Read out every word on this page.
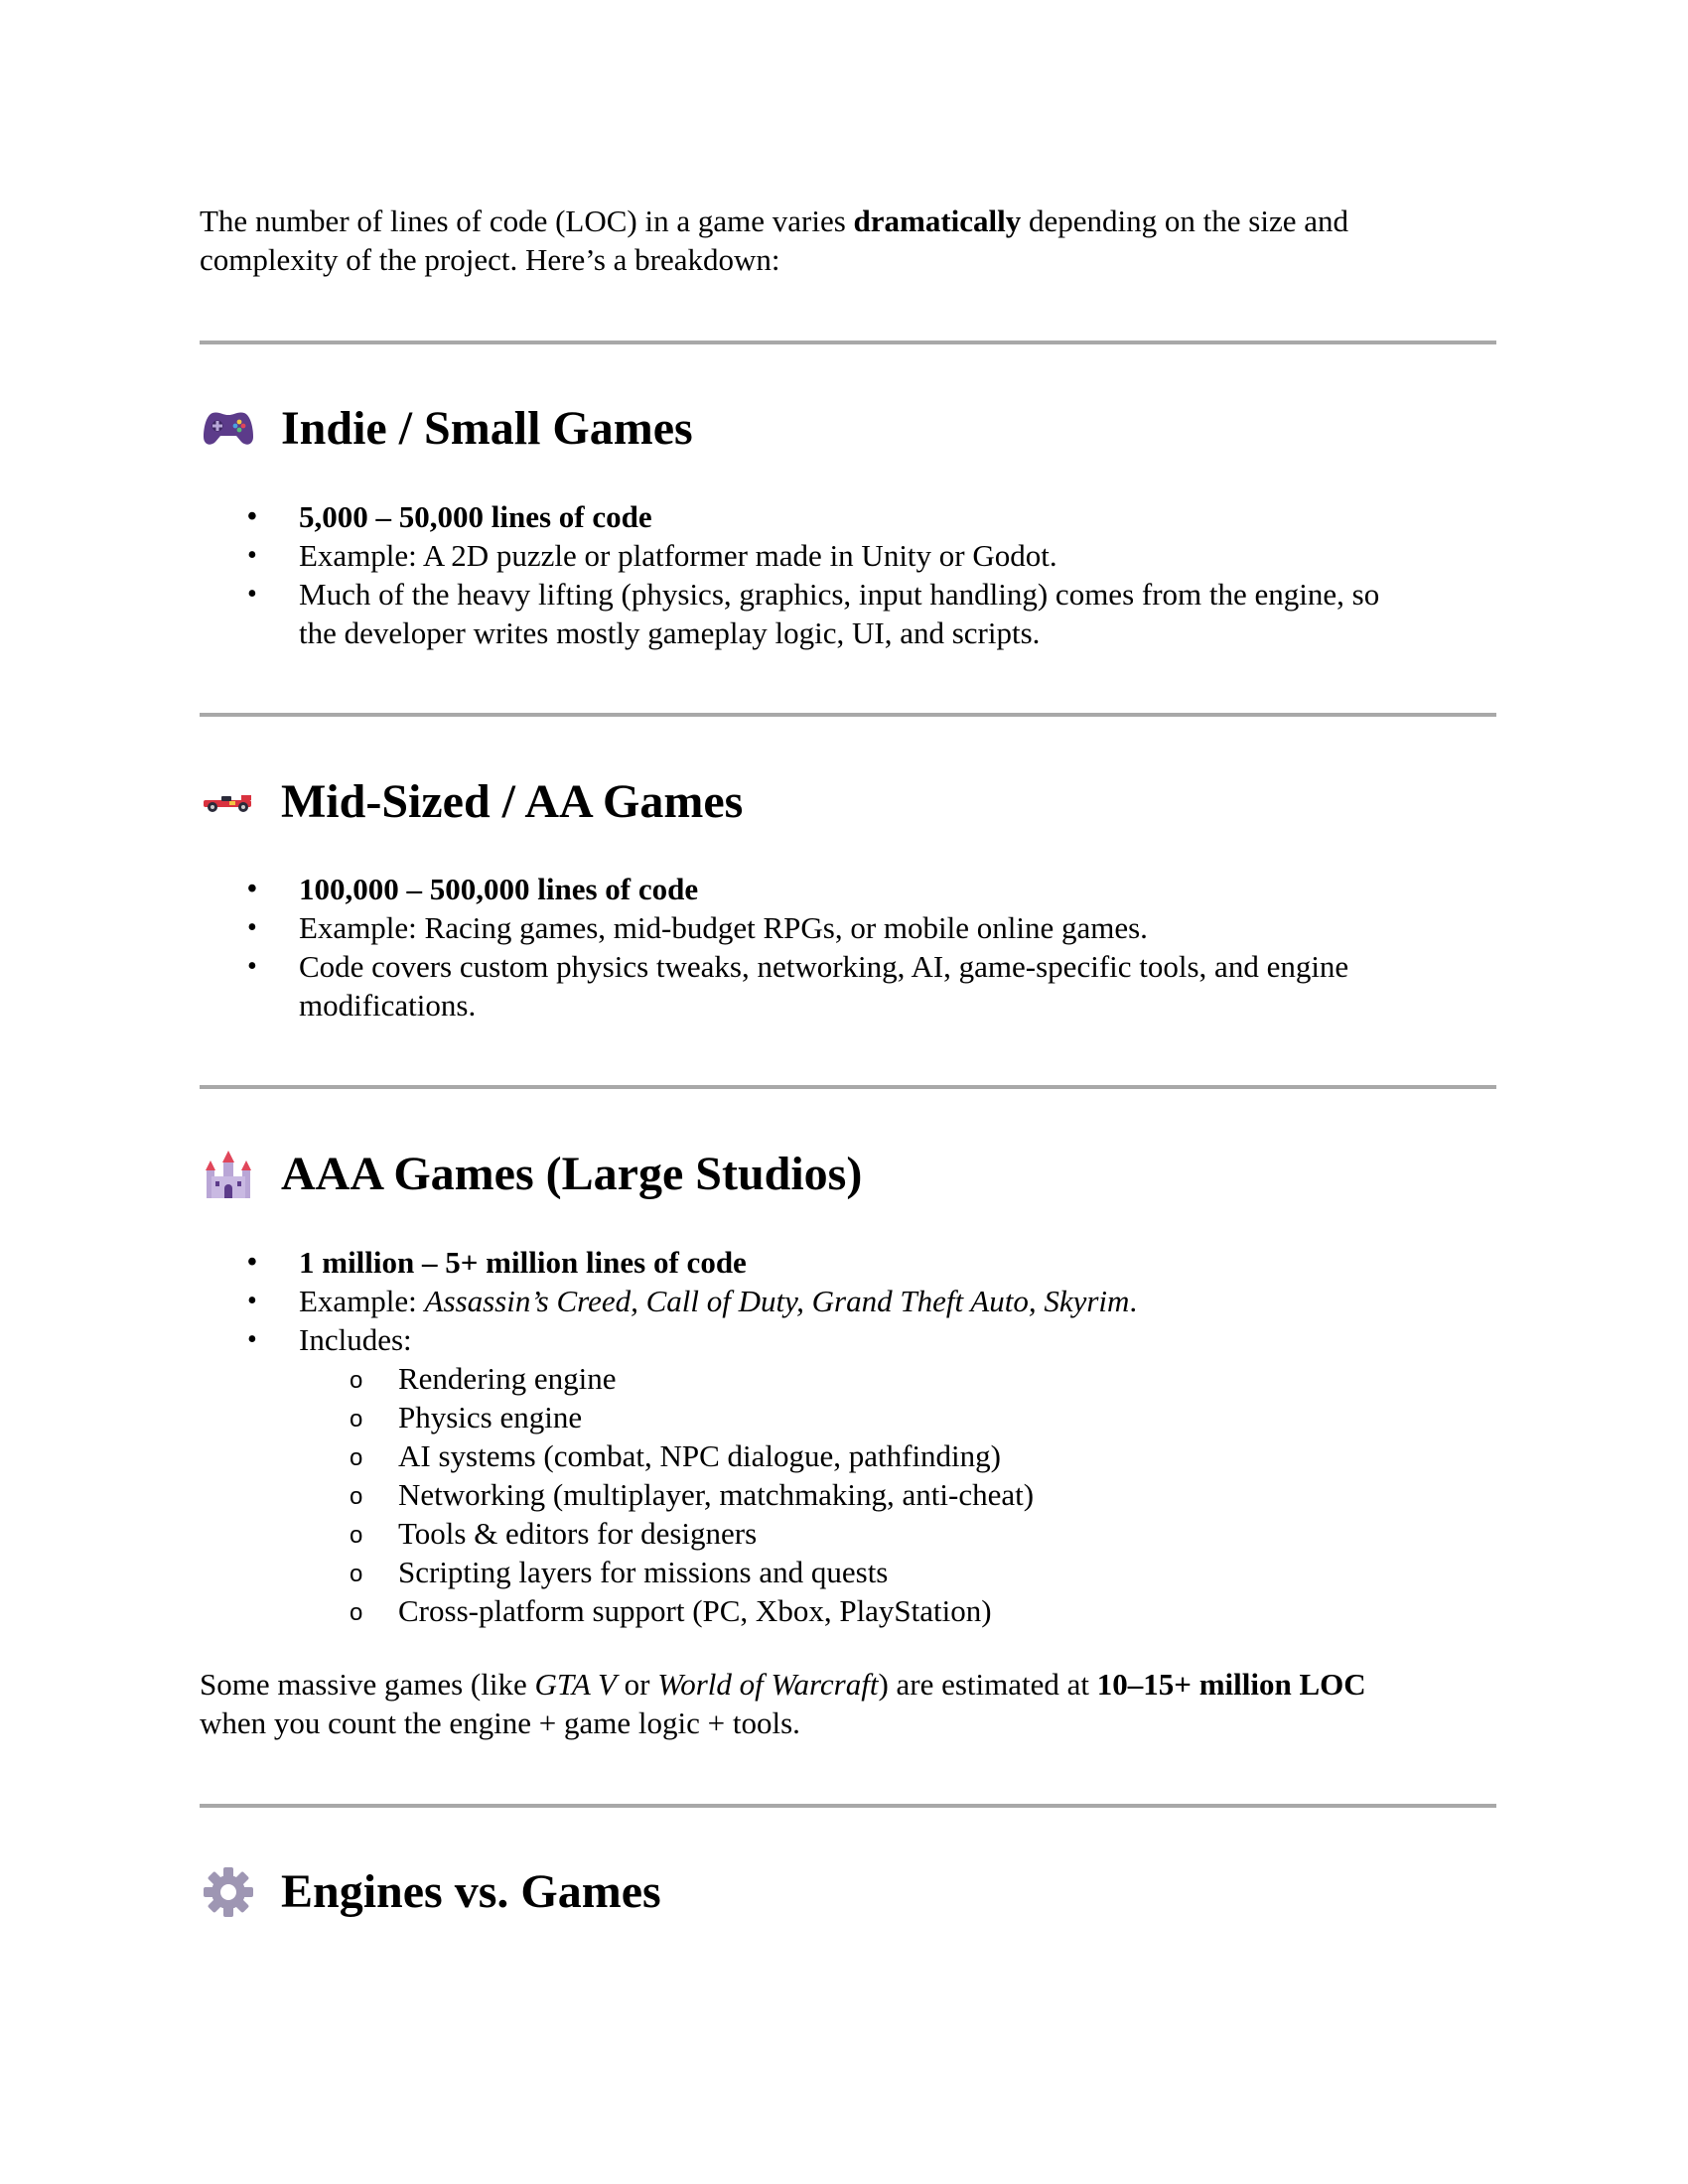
The number of lines of code (LOC) in a game varies dramatically depending on the size and
complexity of the project. Here’s a breakdown:

Indie / Small Games
• 5,000 – 50,000 lines of code
• Example: A 2D puzzle or platformer made in Unity or Godot.
• Much of the heavy lifting (physics, graphics, input handling) comes from the engine, so
the developer writes mostly gameplay logic, UI, and scripts.
Mid-Sized / AA Games
• 100,000 – 500,000 lines of code
• Example: Racing games, mid-budget RPGs, or mobile online games.
• Code covers custom physics tweaks, networking, AI, game-specific tools, and engine
modifications.
AAA Games (Large Studios)
• 1 million – 5+ million lines of code
• Example: Assassin’s Creed, Call of Duty, Grand Theft Auto, Skyrim.
• Includes:
o Rendering engine
o Physics engine
o AI systems (combat, NPC dialogue, pathfinding)
o Networking (multiplayer, matchmaking, anti-cheat)
o Tools & editors for designers
o Scripting layers for missions and quests
o Cross-platform support (PC, Xbox, PlayStation)

Some massive games (like GTA V or World of Warcraft) are estimated at 10–15+ million LOC
when you count the engine + game logic + tools.

Engines vs. Games
